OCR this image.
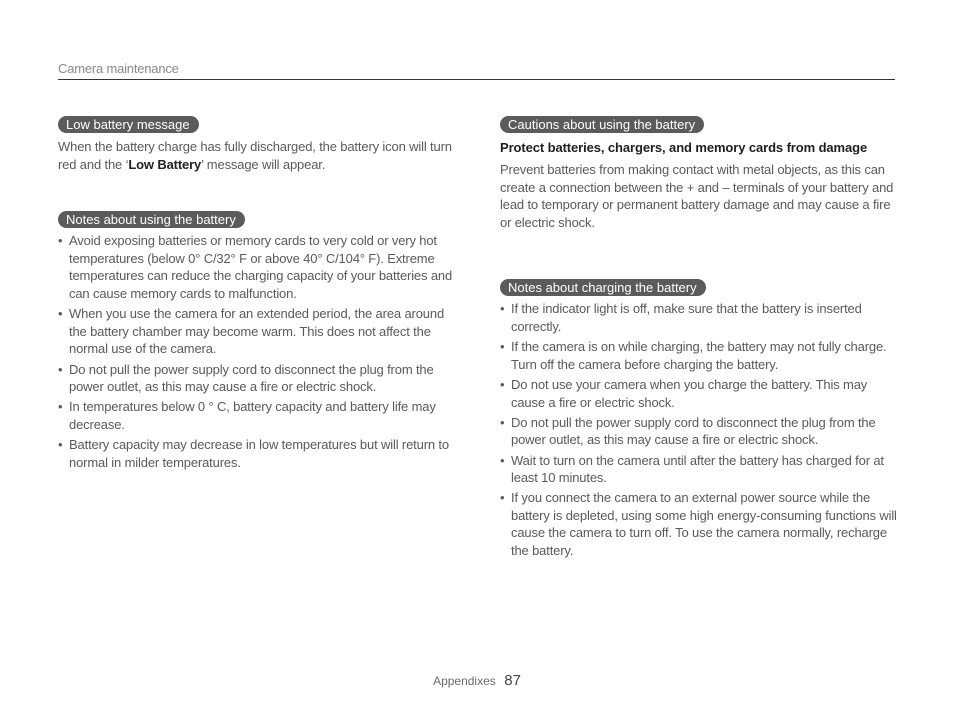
Camera maintenance
Low battery message

When the battery charge has fully discharged, the battery icon will turn red and the ‘Low Battery’ message will appear.

Notes about using the battery
• Avoid exposing batteries or memory cards to very cold or very hot temperatures (below 0° C/32° F or above 40° C/104° F). Extreme temperatures can reduce the charging capacity of your batteries and can cause memory cards to malfunction.
• When you use the camera for an extended period, the area around the battery chamber may become warm. This does not affect the normal use of the camera.
• Do not pull the power supply cord to disconnect the plug from the power outlet, as this may cause a fire or electric shock.
• In temperatures below 0 ° C, battery capacity and battery life may decrease.
• Battery capacity may decrease in low temperatures but will return to normal in milder temperatures.
Cautions about using the battery

Protect batteries, chargers, and memory cards from damage

Prevent batteries from making contact with metal objects, as this can create a connection between the + and – terminals of your battery and lead to temporary or permanent battery damage and may cause a fire or electric shock.

Notes about charging the battery
• If the indicator light is off, make sure that the battery is inserted correctly.
• If the camera is on while charging, the battery may not fully charge. Turn off the camera before charging the battery.
• Do not use your camera when you charge the battery. This may cause a fire or electric shock.
• Do not pull the power supply cord to disconnect the plug from the power outlet, as this may cause a fire or electric shock.
• Wait to turn on the camera until after the battery has charged for at least 10 minutes.
• If you connect the camera to an external power source while the battery is depleted, using some high energy-consuming functions will cause the camera to turn off. To use the camera normally, recharge the battery.
Appendixes 87
